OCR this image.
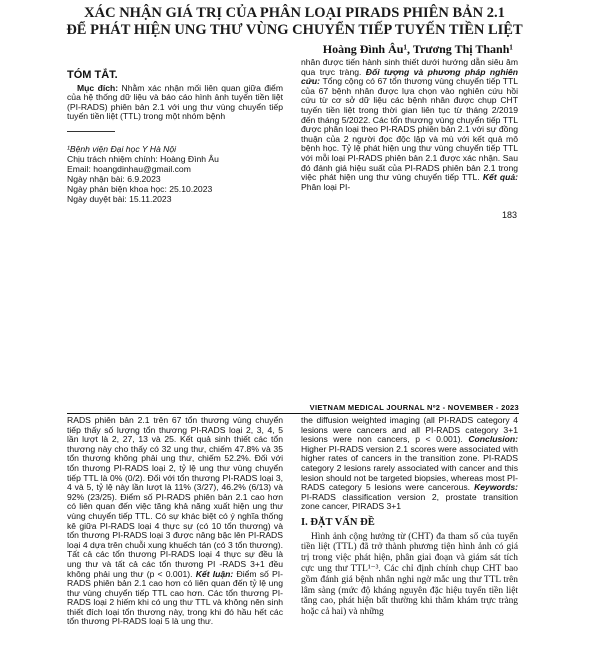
XÁC NHẬN GIÁ TRỊ CỦA PHÂN LOẠI PIRADS PHIÊN BẢN 2.1
ĐỂ PHÁT HIỆN UNG THƯ VÙNG CHUYỂN TIẾP TUYẾN TIỀN LIỆT
Hoàng Đình Âu¹, Trương Thị Thanh¹
TÓM TẮT.

Mục đích: Nhằm xác nhận mối liên quan giữa điểm của hệ thống dữ liệu và báo cáo hình ảnh tuyến tiền liệt (PI-RADS) phiên bản 2.1 với ung thư vùng chuyển tiếp tuyến tiền liệt (TTL) trong một nhóm bệnh

¹Bệnh viện Đại học Y Hà Nội

Chịu trách nhiệm chính: Hoàng Đình Âu

Email: hoangdinhau@gmail.com

Ngày nhận bài: 6.9.2023

Ngày phản biện khoa học: 25.10.2023

Ngày duyệt bài: 15.11.2023

nhân được tiến hành sinh thiết dưới hướng dẫn siêu âm qua trực tràng. Đối tượng và phương pháp nghiên cứu: Tổng cộng có 67 tổn thương vùng chuyển tiếp TTL của 67 bệnh nhân được lựa chọn vào nghiên cứu hồi cứu từ cơ sở dữ liệu các bệnh nhân được chụp CHT tuyến tiền liệt trong thời gian liên tục từ tháng 2/2019 đến tháng 5/2022. Các tổn thương vùng chuyển tiếp TTL được phân loại theo PI-RADS phiên bản 2.1 với sự đồng thuận của 2 người đọc độc lập và mù với kết quả mô bệnh học. Tỷ lệ phát hiện ung thư vùng chuyển tiếp TTL với mỗi loại PI-RADS phiên bản 2.1 được xác nhận. Sau đó đánh giá hiệu suất của PI-RADS phiên bản 2.1 trong việc phát hiện ung thư vùng chuyển tiếp TTL. Kết quả: Phân loại PI-

183
VIETNAM MEDICAL JOURNAL Nº2 - NOVEMBER - 2023

RADS phiên bản 2.1 trên 67 tổn thương vùng chuyển tiếp thấy số lượng tổn thương PI-RADS loại 2, 3, 4, 5 lần lượt là 2, 27, 13 và 25. Kết quả sinh thiết các tổn thương này cho thấy có 32 ung thư, chiếm 47.8% và 35 tổn thương không phải ung thư, chiếm 52.2%. Đối với tổn thương PI-RADS loại 2, tỷ lệ ung thư vùng chuyển tiếp TTL là 0% (0/2). Đối với tổn thương PI-RADS loại 3, 4 và 5, tỷ lệ này lần lượt là 11% (3/27), 46.2% (6/13) và 92% (23/25). Điểm số PI-RADS phiên bản 2.1 cao hơn có liên quan đến việc tăng khả năng xuất hiện ung thư vùng chuyển tiếp TTL. Có sự khác biệt có ý nghĩa thống kê giữa PI-RADS loại 4 thực sự (có 10 tổn thương) và tổn thương PI-RADS loại 3 được nâng bậc lên PI-RADS loại 4 dựa trên chuỗi xung khuếch tán (có 3 tổn thương). Tất cả các tổn thương PI-RADS loại 4 thực sự đều là ung thư và tất cả các tổn thương PI -RADS 3+1 đều không phải ung thư (p < 0.001). Kết luận: Điểm số PI-RADS phiên bản 2.1 cao hơn có liên quan đến tỷ lệ ung thư vùng chuyển tiếp TTL cao hơn. Các tổn thương PI-RADS loại 2 hiếm khi có ung thư TTL và không nên sinh thiết đích loại tổn thương này, trong khi đó hầu hết các tổn thương PI-RADS loại 5 là ung thư.

the diffusion weighted imaging (all PI-RADS category 4 lesions were cancers and all PI-RADS category 3+1 lesions were non cancers, p < 0.001). Conclusion: Higher PI-RADS version 2.1 scores were associated with higher rates of cancers in the transition zone. PI-RADS category 2 lesions rarely associated with cancer and this lesion should not be targeted biopsies, whereas most PI-RADS category 5 lesions were cancerous. Keywords: PI-RADS classification version 2, prostate transition zone cancer, PIRADS 3+1

I. ĐẶT VẤN ĐỀ

Hình ảnh cộng hưởng từ (CHT) đa tham số của tuyến tiền liệt (TTL) đã trở thành phương tiện hình ảnh có giá trị trong việc phát hiện, phân giai đoạn và giám sát tích cực ung thư TTL¹⁻³. Các chỉ định chính chụp CHT bao gồm đánh giá bệnh nhân nghi ngờ mắc ung thư TTL trên lâm sàng (mức độ kháng nguyên đặc hiệu tuyến tiền liệt tăng cao, phát hiện bất thường khi thăm khám trực tràng hoặc cả hai) và những
